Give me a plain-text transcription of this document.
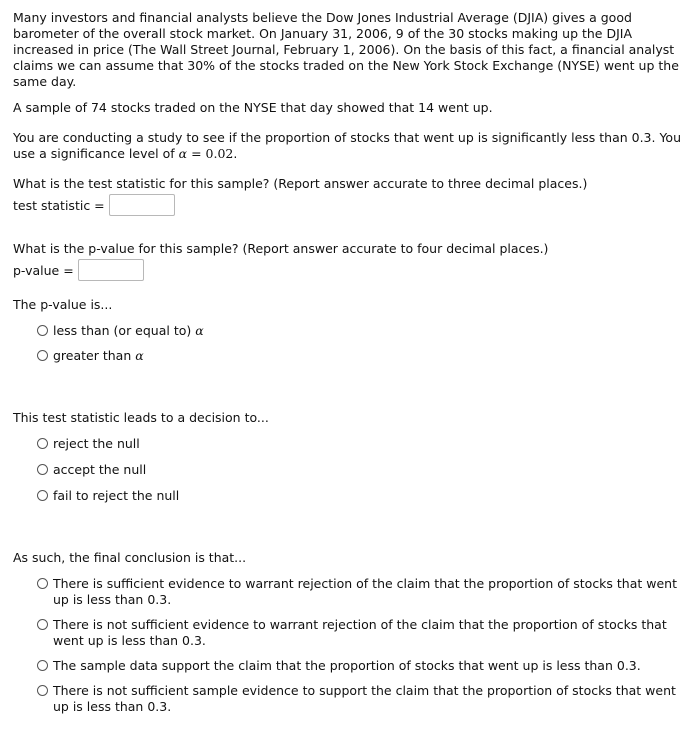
Many investors and financial analysts believe the Dow Jones Industrial Average (DJIA) gives a good barometer of the overall stock market. On January 31, 2006, 9 of the 30 stocks making up the DJIA increased in price (The Wall Street Journal, February 1, 2006). On the basis of this fact, a financial analyst claims we can assume that 30% of the stocks traded on the New York Stock Exchange (NYSE) went up the same day.

A sample of 74 stocks traded on the NYSE that day showed that 14 went up.

You are conducting a study to see if the proportion of stocks that went up is significantly less than 0.3. You use a significance level of α = 0.02.

What is the test statistic for this sample? (Report answer accurate to three decimal places.)

test statistic =

What is the p-value for this sample? (Report answer accurate to four decimal places.)

p-value =

The p-value is...

less than (or equal to) α
greater than α

This test statistic leads to a decision to...

reject the null
accept the null
fail to reject the null

As such, the final conclusion is that...

There is sufficient evidence to warrant rejection of the claim that the proportion of stocks that went up is less than 0.3.
There is not sufficient evidence to warrant rejection of the claim that the proportion of stocks that went up is less than 0.3.
The sample data support the claim that the proportion of stocks that went up is less than 0.3.
There is not sufficient sample evidence to support the claim that the proportion of stocks that went up is less than 0.3.
